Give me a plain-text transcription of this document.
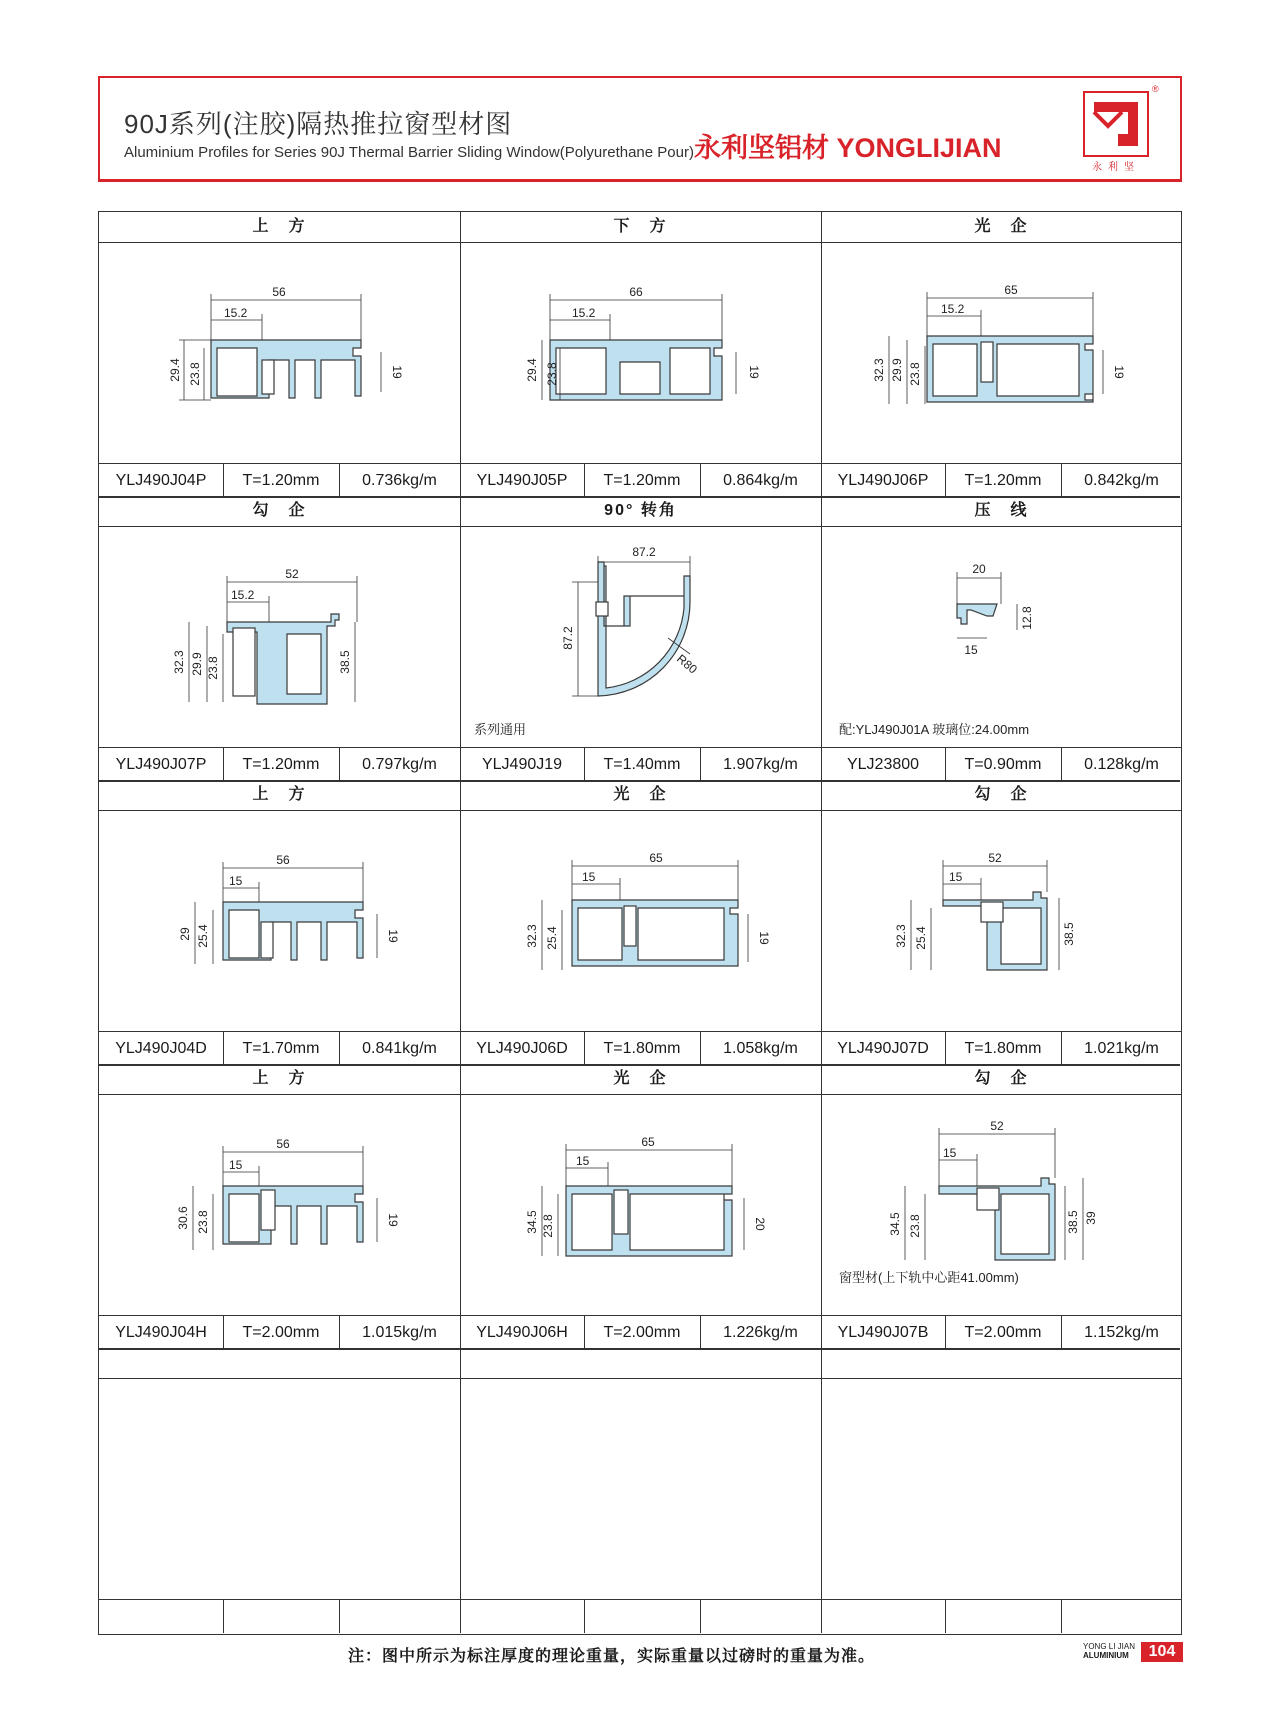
90J系列(注胶)隔热推拉窗型材图
Aluminium Profiles for Series 90J Thermal Barrier Sliding Window(Polyurethane Pour) 永利坚铝材 YONGLIJIAN
®
永利坚
上　方
56
15.2
29.4 23.8	19
YLJ490J04P	T=1.20mm	0.736kg/m
下　方
66
15.2
29.4 23.8	19
YLJ490J05P	T=1.20mm	0.864kg/m
光　企
65
15.2
32.3 29.9 23.8	19
YLJ490J06P	T=1.20mm	0.842kg/m
勾　企
52
15.2
32.3 29.9 23.8	38.5
YLJ490J07P	T=1.20mm	0.797kg/m
90° 转角
87.2
87.2
R80
系列通用
YLJ490J19	T=1.40mm	1.907kg/m
压　线
20
12.8
15
配:YLJ490J01A 玻璃位:24.00mm
YLJ23800	T=0.90mm	0.128kg/m
上　方
56
15
29 25.4	19
YLJ490J04D	T=1.70mm	0.841kg/m
光　企
65
15
32.3 25.4	19
YLJ490J06D	T=1.80mm	1.058kg/m
勾　企
52
15
32.3 25.4	38.5
YLJ490J07D	T=1.80mm	1.021kg/m
上　方
56
15
30.6 23.8	19
YLJ490J04H	T=2.00mm	1.015kg/m
光　企
65
15
34.5 23.8	20
YLJ490J06H	T=2.00mm	1.226kg/m
勾　企
52
15
34.5 23.8	38.5 39
窗型材(上下轨中心距41.00mm)
YLJ490J07B	T=2.00mm	1.152kg/m
注：图中所示为标注厚度的理论重量，实际重量以过磅时的重量为准。
YONG LI JIAN
ALUMINIUM	104
